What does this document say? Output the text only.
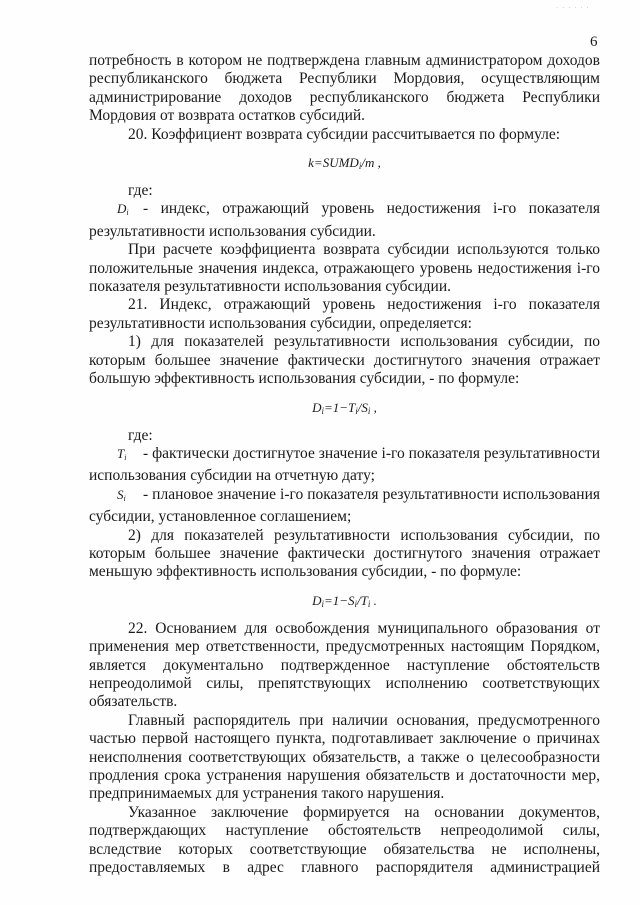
· · · · · ·
6

потребность в котором не подтверждена главным администратором доходов

республиканского бюджета Республики Мордовия, осуществляющим

администрирование доходов республиканского бюджета Республики

Мордовия от возврата остатков субсидий.

20. Коэффициент возврата субсидии рассчитывается по формуле:

$k=SUMD_i/m$ ,

где:

$D_i$ - индекс, отражающий уровень недостижения i-го показателя

результативности использования субсидии.

При расчете коэффициента возврата субсидии используются только

положительные значения индекса, отражающего уровень недостижения i-го

показателя результативности использования субсидии.

21. Индекс, отражающий уровень недостижения i-го показателя

результативности использования субсидии, определяется:

1) для показателей результативности использования субсидии, по

которым большее значение фактически достигнутого значения отражает

большую эффективность использования субсидии, - по формуле:

$D_i=1-T_i/S_i$ ,

где:

$T_i$ - фактически достигнутое значение i-го показателя результативности

использования субсидии на отчетную дату;

$S_i$ - плановое значение i-го показателя результативности использования

субсидии, установленное соглашением;

2) для показателей результативности использования субсидии, по

которым большее значение фактически достигнутого значения отражает

меньшую эффективность использования субсидии, - по формуле:

$D_i=1-S_i/T_i$ .

22. Основанием для освобождения муниципального образования от

применения мер ответственности, предусмотренных настоящим Порядком,

является документально подтвержденное наступление обстоятельств

непреодолимой силы, препятствующих исполнению соответствующих

обязательств.

Главный распорядитель при наличии основания, предусмотренного

частью первой настоящего пункта, подготавливает заключение о причинах

неисполнения соответствующих обязательств, а также о целесообразности

продления срока устранения нарушения обязательств и достаточности мер,

предпринимаемых для устранения такого нарушения.

Указанное заключение формируется на основании документов,

подтверждающих наступление обстоятельств непреодолимой силы,

вследствие которых соответствующие обязательства не исполнены,

предоставляемых в адрес главного распорядителя администрацией
